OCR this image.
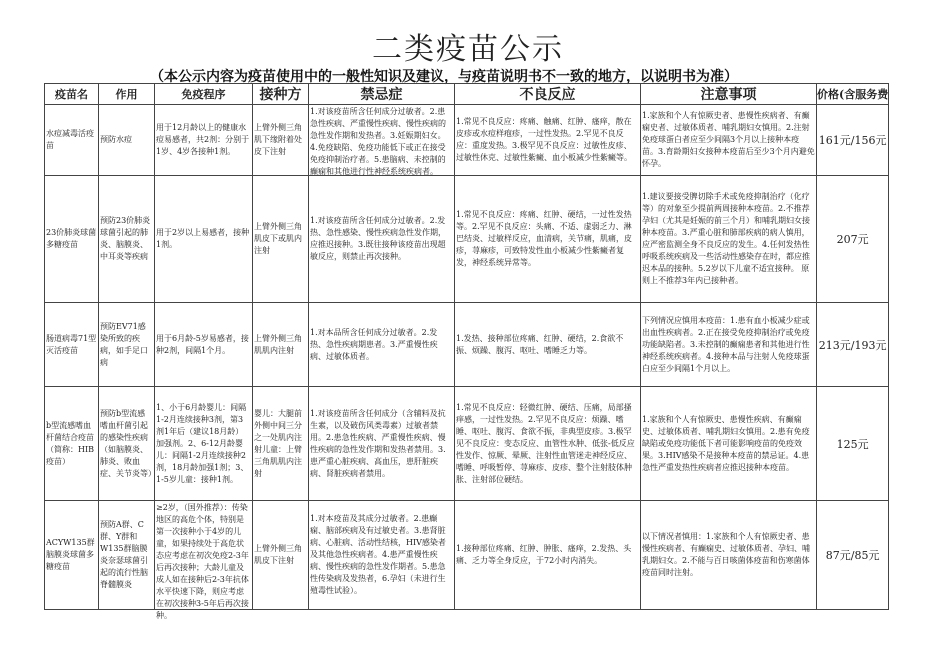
二类疫苗公示
（本公示内容为疫苗使用中的一般性知识及建议，与疫苗说明书不一致的地方，以说明书为准）
疫苗名	作用	免疫程序	接种方	禁忌症	不良反应	注意事项	价格(含服务费

水痘减毒活疫苗	预防水痘	用于12月龄以上的健康水痘易感者，共2剂：分别于1岁、4岁各接种1剂。	上臂外侧三角肌下缘附着处皮下注射	1.对该疫苗所含任何成分过敏者。2.患急性疾病、严重慢性疾病、慢性疾病的急性发作期和发热者。3.妊娠期妇女。4.免疫缺陷、免疫功能低下或正在接受免疫抑制治疗者。5.患脑病、未控制的癫痫和其他进行性神经系统疾病者。	1.常见不良反应：疼痛、触痛、红肿、瘙痒，散在皮疹或水痘样疱疹，一过性发热。2.罕见不良反应：重度发热。3.极罕见不良反应：过敏性皮疹、过敏性休克、过敏性紫癜、血小板减少性紫癜等。	1.家族和个人有惊厥史者、患慢性疾病者、有癫痫史者、过敏体质者、哺乳期妇女慎用。2.注射免疫球蛋白者应至少间隔3个月以上接种本疫苗。3.育龄期妇女接种本疫苗后至少3个月内避免怀孕。	161元/156元

23价肺炎球菌多糖疫苗	预防23价肺炎球菌引起的肺炎、脑膜炎、中耳炎等疾病	用于2岁以上易感者，接种1剂。	上臂外侧三角肌皮下或肌内注射	1.对该疫苗所含任何成分过敏者。2.发热、急性感染、慢性疾病急性发作期，应推迟接种。3.既往接种该疫苗出现超敏反应，则禁止再次接种。	1.常见不良反应：疼痛、红肿、硬结，一过性发热等。2.罕见不良反应：头痛、不适、虚弱乏力、淋巴结炎、过敏样反应，血清病，关节痛，肌痛，皮疹，荨麻疹，可致特发性血小板减少性紫癜者复发，神经系统异常等。	1.建议要接受脾切除手术或免疫抑制治疗（化疗等）的对象至少提前两周接种本疫苗。2.不推荐孕妇（尤其是妊娠的前三个月）和哺乳期妇女接种本疫苗。3.严重心脏和肺部疾病的病人慎用，应严密监测全身不良反应的发生。4.任何发热性呼吸系统疾病及一些活动性感染存在时，都应推迟本品的接种。5.2岁以下儿童不适宜接种。 原则上不推荐3年内已接种者。	207元

肠道病毒71型灭活疫苗	预防EV71感染所致的疾病，如手足口病	用于6月龄-5岁易感者，接种2剂，间隔1个月。	上臂外侧三角肌肌内注射	1.对本品所含任何成分过敏者。2.发热、急性疾病期患者。3.严重慢性疾病、过敏体质者。	1.发热、接种部位疼痛、红肿、硬结，2.食欲不振、烦躁、腹泻、呕吐、嗜睡乏力等。	下列情况应慎用本疫苗：1.患有血小板减少症或出血性疾病者。2.正在接受免疫抑制治疗或免疫功能缺陷者。3.未控制的癫痫患者和其他进行性神经系统疾病者。4.接种本品与注射人免疫球蛋白应至少间隔1个月以上。	213元/193元

b型流感嗜血杆菌结合疫苗（简称：HIB疫苗）	预防b型流感嗜血杆菌引起的感染性疾病（如脑膜炎、肺炎、败血症、关节炎等）	1、小于6月龄婴儿：间隔1-2月连续接种3剂，第3剂1年后（建议18月龄）加强剂。2、6-12月龄婴儿：间隔1-2月连续接种2剂，18月龄加强1剂；3、1-5岁儿童：接种1剂。	婴儿：大腿前外侧中间三分之一处肌内注射儿童：上臂三角肌肌内注射	1.对该疫苗所含任何成分（含辅料及抗生素，以及破伤风类毒素）过敏者禁用。2.患急性疾病、严重慢性疾病、慢性疾病的急性发作期和发热者禁用。3.患严重心脏疾病、高血压，患肝脏疾病、肾脏疾病者禁用。	1.常见不良反应：轻微红肿、硬结、压痛，局部搔痒感，一过性发热。2.罕见不良反应：烦躁、嗜睡、呕吐、腹泻、食欲不振，非典型皮疹。3.极罕见不良反应：变态反应、血管性水肿、低张-低反应性发作、惊厥、晕厥、注射性血管迷走神经反应、嗜睡、呼吸暂停、荨麻疹、皮疹、整个注射肢体肿胀、注射部位硬结。	1.家族和个人有惊厥史、患慢性疾病、有癫痫史、过敏体质者、哺乳期妇女慎用。2.患有免疫缺陷或免疫功能低下者可能影响疫苗的免疫效果。3.HIV感染不是接种本疫苗的禁忌证。4.患急性严重发热性疾病者应推迟接种本疫苗。	125元

ACYW135群脑膜炎球菌多糖疫苗	预防A群、C群、Y群和W135群脑膜炎奈瑟球菌引起的流行性脑脊髓膜炎	≥2岁，（国外推荐）：传染地区的高危个体，特别是第一次接种小于4岁的儿童，如果持续处于高危状态应考虑在初次免疫2-3年后再次接种；大龄儿童及成人如在接种后2-3年抗体水平快速下降，则应考虑在初次接种3-5年后再次接种。	上臂外侧三角肌皮下注射	1.对本疫苗及其成分过敏者。2.患癫痫、脑部疾病及有过敏史者。3.患肾脏病、心脏病、活动性结核，HIV感染者及其他急性疾病者。4.患严重慢性疾病、慢性疾病的急性发作期者。5.患急性传染病及发热者，6.孕妇（未进行生殖毒性试验）。	1.接种部位疼痛、红肿、肿胀、瘙痒，2.发热、头痛、乏力等全身反应，于72小时内消失。	以下情况者慎用：1.家族和个人有惊厥史者、患慢性疾病者、有癫痫史、过敏体质者、孕妇、哺乳期妇女。2.不能与百日咳菌体疫苗和伤寒菌体疫苗同时注射。	87元/85元
